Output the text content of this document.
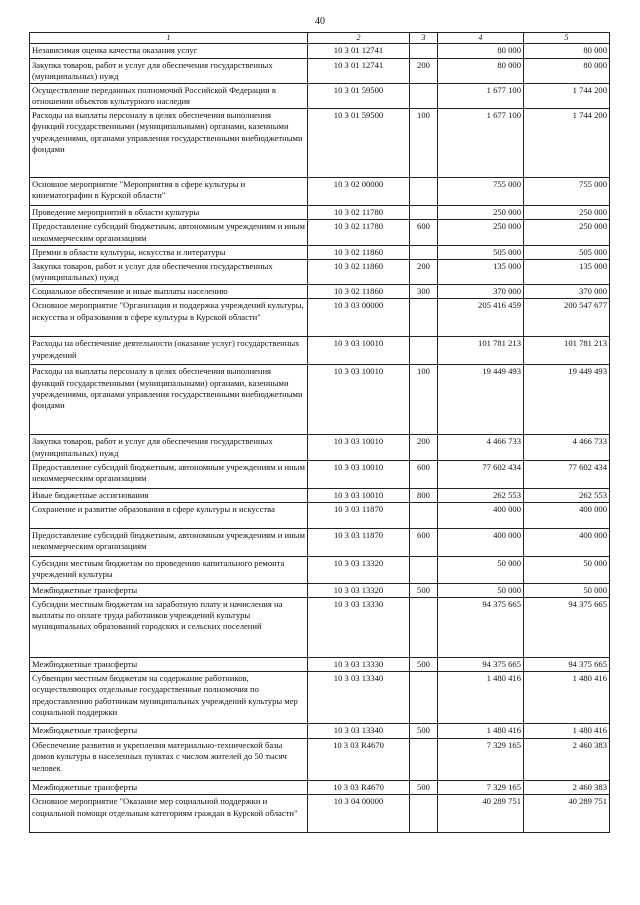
40
1	2	3	4	5
Независимая оценка качества оказания услуг	10 3 01 12741		80 000	80 000
Закупка товаров, работ и услуг для обеспечения государственных (муниципальных) нужд	10 3 01 12741	200	80 000	80 000
Осуществление переданных полномочий Российской Федерации в отношении объектов культурного наследия	10 3 01 59500		1 677 100	1 744 200
Расходы на выплаты персоналу в целях обеспечения выполнения функций государственными (муниципальными) органами, казенными учреждениями, органами управления государственными внебюджетными фондами	10 3 01 59500	100	1 677 100	1 744 200
Основное мероприятие "Мероприятия в сфере культуры и кинематографии в Курской области"	10 3 02 00000		755 000	755 000
Проведение мероприятий в области культуры	10 3 02 11780		250 000	250 000
Предоставление субсидий бюджетным, автономным учреждениям и иным некоммерческим организациям	10 3 02 11780	600	250 000	250 000
Премии в области культуры, искусства и литературы	10 3 02 11860		505 000	505 000
Закупка товаров, работ и услуг для обеспечения государственных (муниципальных) нужд	10 3 02 11860	200	135 000	135 000
Социальное обеспечение и иные выплаты населению	10 3 02 11860	300	370 000	370 000
Основное мероприятие "Организация и поддержка учреждений культуры, искусства и образования в сфере культуры в Курской области"	10 3 03 00000		205 416 459	200 547 677
Расходы на обеспечение деятельности (оказание услуг) государственных учреждений	10 3 03 10010		101 781 213	101 781 213
Расходы на выплаты персоналу в целях обеспечения выполнения функций государственными (муниципальными) органами, казенными учреждениями, органами управления государственными внебюджетными фондами	10 3 03 10010	100	19 449 493	19 449 493
Закупка товаров, работ и услуг для обеспечения государственных (муниципальных) нужд	10 3 03 10010	200	4 466 733	4 466 733
Предоставление субсидий бюджетным, автономным учреждениям и иным некоммерческим организациям	10 3 03 10010	600	77 602 434	77 602 434
Иные бюджетные ассигнования	10 3 03 10010	800	262 553	262 553
Сохранение и развитие образования в сфере культуры и искусства	10 3 03 11870		400 000	400 000
Предоставление субсидий бюджетным, автономным учреждениям и иным некоммерческим организациям	10 3 03 11870	600	400 000	400 000
Субсидии местным бюджетам по проведению капитального ремонта учреждений культуры	10 3 03 13320		50 000	50 000
Межбюджетные трансферты	10 3 03 13320	500	50 000	50 000
Субсидии местным бюджетам на заработную плату и начисления на выплаты по оплате труда работников учреждений культуры муниципальных образований городских и сельских поселений	10 3 03 13330		94 375 665	94 375 665
Межбюджетные трансферты	10 3 03 13330	500	94 375 665	94 375 665
Субвенции местным бюджетам на содержание работников, осуществляющих отдельные государственные полномочия по предоставлению работникам муниципальных учреждений культуры мер социальной поддержки	10 3 03 13340		1 480 416	1 480 416
Межбюджетные трансферты	10 3 03 13340	500	1 480 416	1 480 416
Обеспечение развития и укрепления материально-технической базы домов культуры в населенных пунктах с числом жителей до 50 тысяч человек	10 3 03 R4670		7 329 165	2 460 383
Межбюджетные трансферты	10 3 03 R4670	500	7 329 165	2 460 383
Основное мероприятие "Оказание мер социальной поддержки и социальной помощи отдельным категориям граждан в Курской области"	10 3 04 00000		40 289 751	40 289 751
